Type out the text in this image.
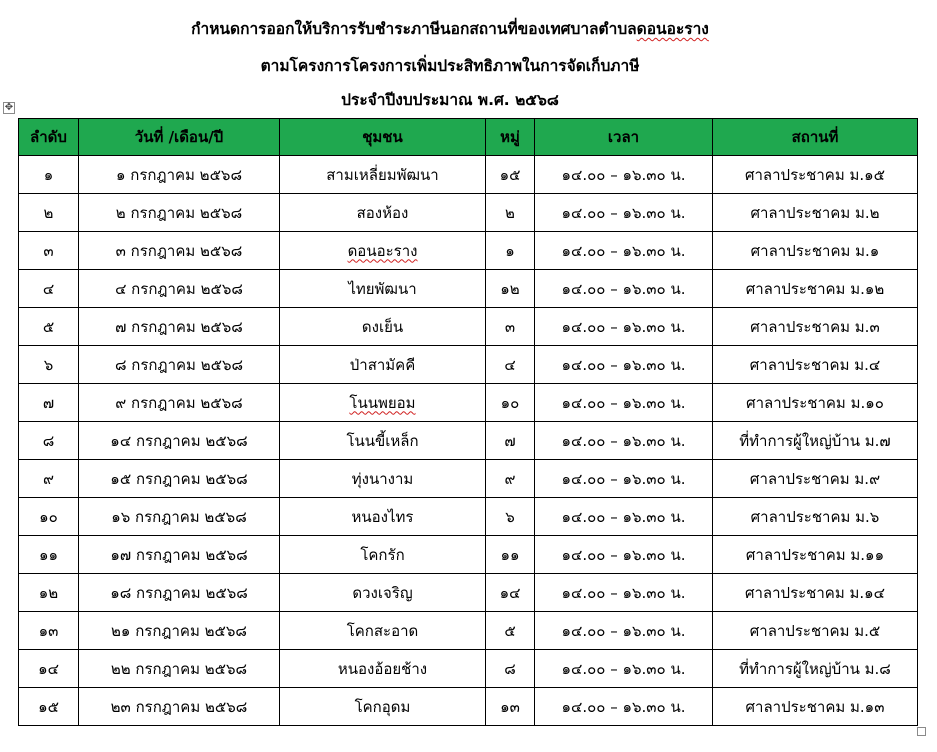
กำหนดการออกให้บริการรับชำระภาษีนอกสถานที่ของเทศบาลตำบลดอนอะราง
ตามโครงการโครงการเพิ่มประสิทธิภาพในการจัดเก็บภาษี
ประจำปีงบประมาณ พ.ศ. ๒๕๖๘
✥
ลำดับ	วันที่ /เดือน/ปี	ชุมชน	หมู่	เวลา	สถานที่
๑	๑ กรกฎาคม ๒๕๖๘	สามเหลี่ยมพัฒนา	๑๕	๑๔.๐๐ – ๑๖.๓๐ น.	ศาลาประชาคม ม.๑๕
๒	๒ กรกฎาคม ๒๕๖๘	สองห้อง	๒	๑๔.๐๐ – ๑๖.๓๐ น.	ศาลาประชาคม ม.๒
๓	๓ กรกฎาคม ๒๕๖๘	ดอนอะราง	๑	๑๔.๐๐ – ๑๖.๓๐ น.	ศาลาประชาคม ม.๑
๔	๔ กรกฎาคม ๒๕๖๘	ไทยพัฒนา	๑๒	๑๔.๐๐ – ๑๖.๓๐ น.	ศาลาประชาคม ม.๑๒
๕	๗ กรกฎาคม ๒๕๖๘	ดงเย็น	๓	๑๔.๐๐ – ๑๖.๓๐ น.	ศาลาประชาคม ม.๓
๖	๘ กรกฎาคม ๒๕๖๘	ป่าสามัคคี	๔	๑๔.๐๐ – ๑๖.๓๐ น.	ศาลาประชาคม ม.๔
๗	๙ กรกฎาคม ๒๕๖๘	โนนพยอม	๑๐	๑๔.๐๐ – ๑๖.๓๐ น.	ศาลาประชาคม ม.๑๐
๘	๑๔ กรกฎาคม ๒๕๖๘	โนนขี้เหล็ก	๗	๑๔.๐๐ – ๑๖.๓๐ น.	ที่ทำการผู้ใหญ่บ้าน ม.๗
๙	๑๕ กรกฎาคม ๒๕๖๘	ทุ่งนางาม	๙	๑๔.๐๐ – ๑๖.๓๐ น.	ศาลาประชาคม ม.๙
๑๐	๑๖ กรกฎาคม ๒๕๖๘	หนองไทร	๖	๑๔.๐๐ – ๑๖.๓๐ น.	ศาลาประชาคม ม.๖
๑๑	๑๗ กรกฎาคม ๒๕๖๘	โคกรัก	๑๑	๑๔.๐๐ – ๑๖.๓๐ น.	ศาลาประชาคม ม.๑๑
๑๒	๑๘ กรกฎาคม ๒๕๖๘	ดวงเจริญ	๑๔	๑๔.๐๐ – ๑๖.๓๐ น.	ศาลาประชาคม ม.๑๔
๑๓	๒๑ กรกฎาคม ๒๕๖๘	โคกสะอาด	๕	๑๔.๐๐ – ๑๖.๓๐ น.	ศาลาประชาคม ม.๕
๑๔	๒๒ กรกฎาคม ๒๕๖๘	หนองอ้อยช้าง	๘	๑๔.๐๐ – ๑๖.๓๐ น.	ที่ทำการผู้ใหญ่บ้าน ม.๘
๑๕	๒๓ กรกฎาคม ๒๕๖๘	โคกอุดม	๑๓	๑๔.๐๐ – ๑๖.๓๐ น.	ศาลาประชาคม ม.๑๓
